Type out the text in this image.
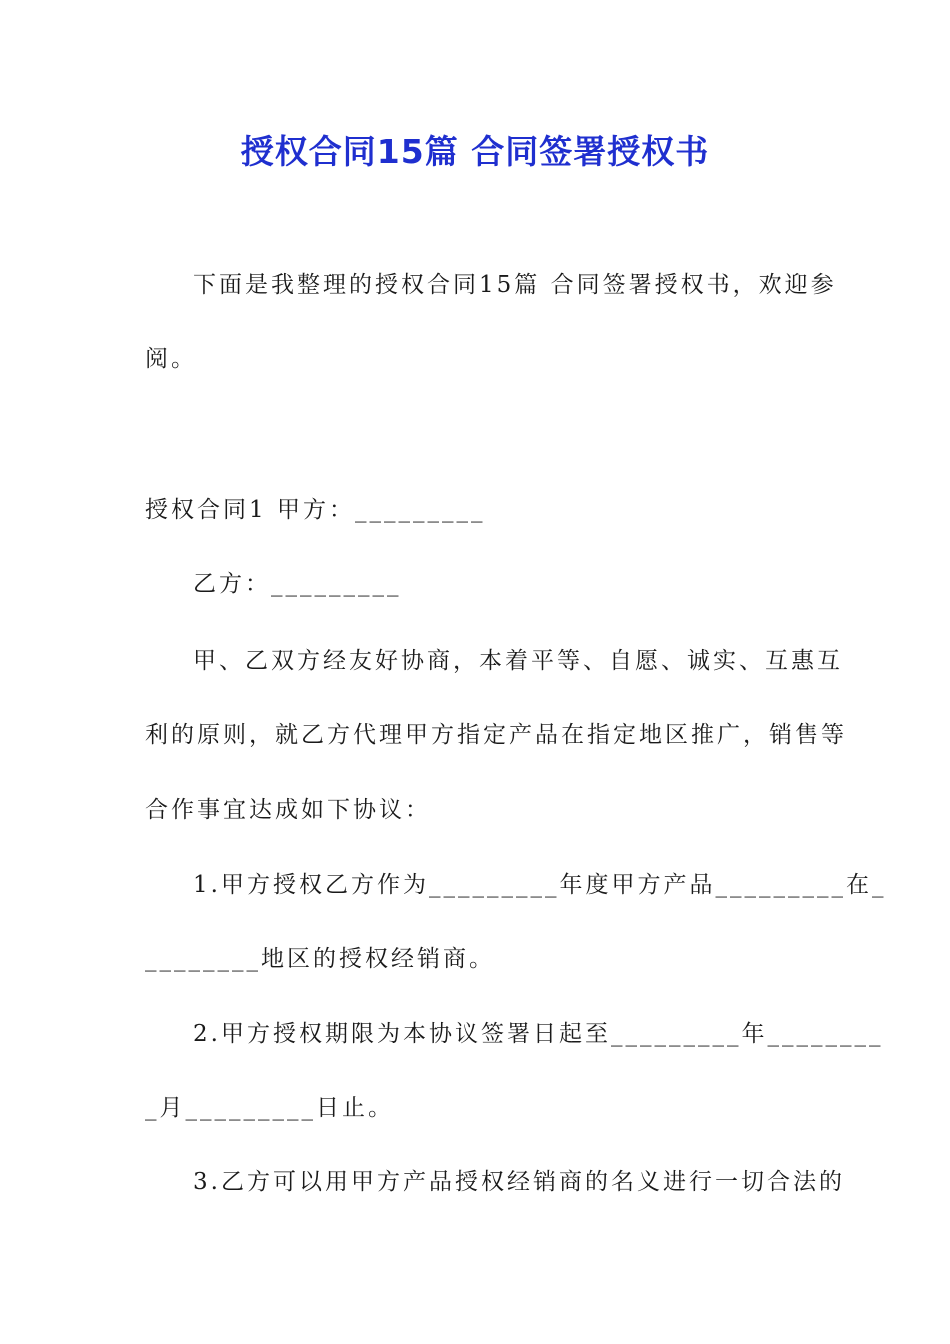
授权合同15篇 合同签署授权书
下面是我整理的授权合同15篇 合同签署授权书，欢迎参
阅。
授权合同1 甲方：_________
乙方：_________
甲、乙双方经友好协商，本着平等、自愿、诚实、互惠互
利的原则，就乙方代理甲方指定产品在指定地区推广，销售等
合作事宜达成如下协议：
1.甲方授权乙方作为_________年度甲方产品_________在_
________地区的授权经销商。
2.甲方授权期限为本协议签署日起至_________年________
_月_________日止。
3.乙方可以用甲方产品授权经销商的名义进行一切合法的
